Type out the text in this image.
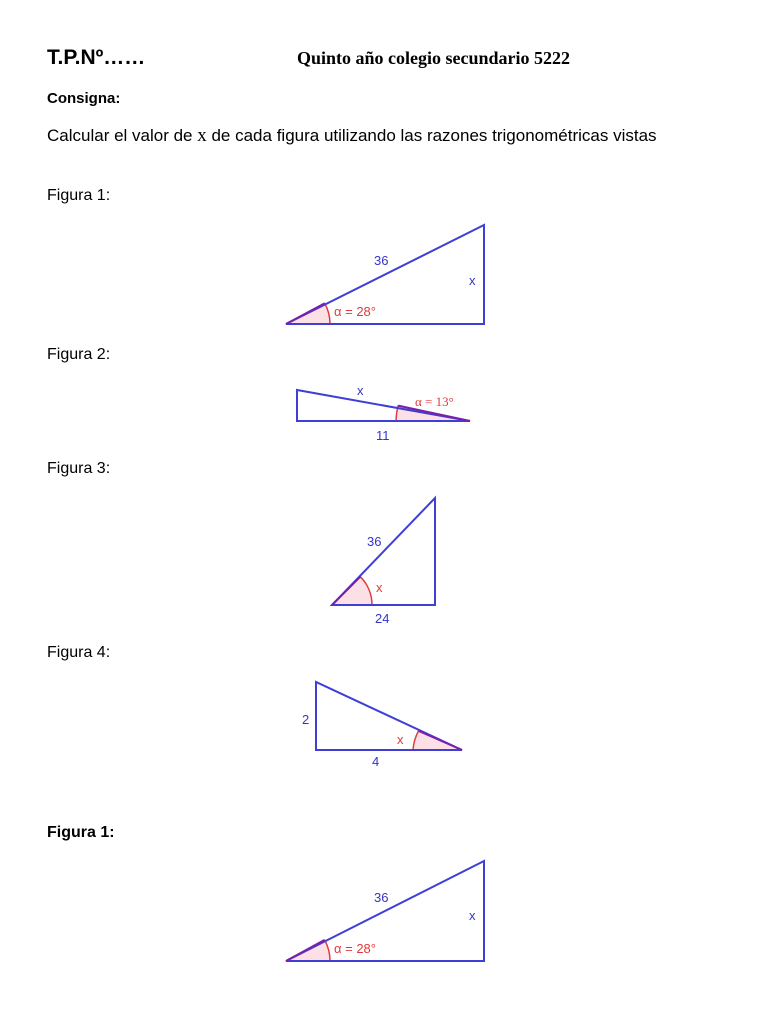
T.P.Nº……	Quinto año colegio secundario 5222
Consigna:
Calcular el valor de x de cada figura utilizando las razones trigonométricas vistas
Figura 1:
Figura 2:
Figura 3:
Figura 4:
Figura 1:
36
x
α = 28°
x
11
α = 13°
36
24
x
2
4
x
36
x
α = 28°
